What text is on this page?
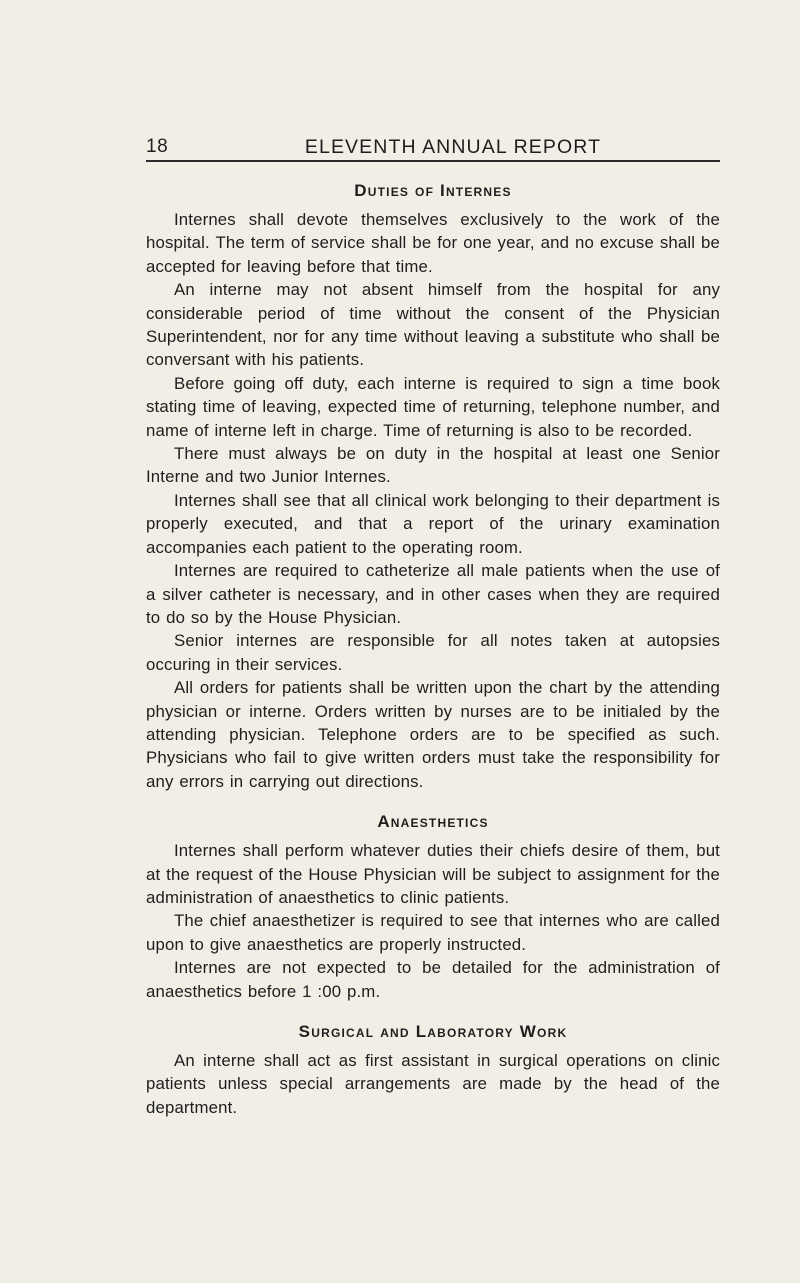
18	ELEVENTH ANNUAL REPORT
Duties of Internes

Internes shall devote themselves exclusively to the work of the hospital. The term of service shall be for one year, and no excuse shall be accepted for leaving before that time.

An interne may not absent himself from the hospital for any considerable period of time without the consent of the Physician Superintendent, nor for any time without leaving a substitute who shall be conversant with his patients.

Before going off duty, each interne is required to sign a time book stating time of leaving, expected time of returning, telephone number, and name of interne left in charge. Time of returning is also to be recorded.

There must always be on duty in the hospital at least one Senior Interne and two Junior Internes.

Internes shall see that all clinical work belonging to their department is properly executed, and that a report of the urinary examination accompanies each patient to the operating room.

Internes are required to catheterize all male patients when the use of a silver catheter is necessary, and in other cases when they are required to do so by the House Physician.

Senior internes are responsible for all notes taken at autopsies occuring in their services.

All orders for patients shall be written upon the chart by the attending physician or interne. Orders written by nurses are to be initialed by the attending physician. Telephone orders are to be specified as such. Physicians who fail to give written orders must take the responsibility for any errors in carrying out directions.

Anaesthetics

Internes shall perform whatever duties their chiefs desire of them, but at the request of the House Physician will be subject to assignment for the administration of anaesthetics to clinic patients.

The chief anaesthetizer is required to see that internes who are called upon to give anaesthetics are properly instructed.

Internes are not expected to be detailed for the administration of anaesthetics before 1 :00 p.m.

Surgical and Laboratory Work

An interne shall act as first assistant in surgical operations on clinic patients unless special arrangements are made by the head of the department.
